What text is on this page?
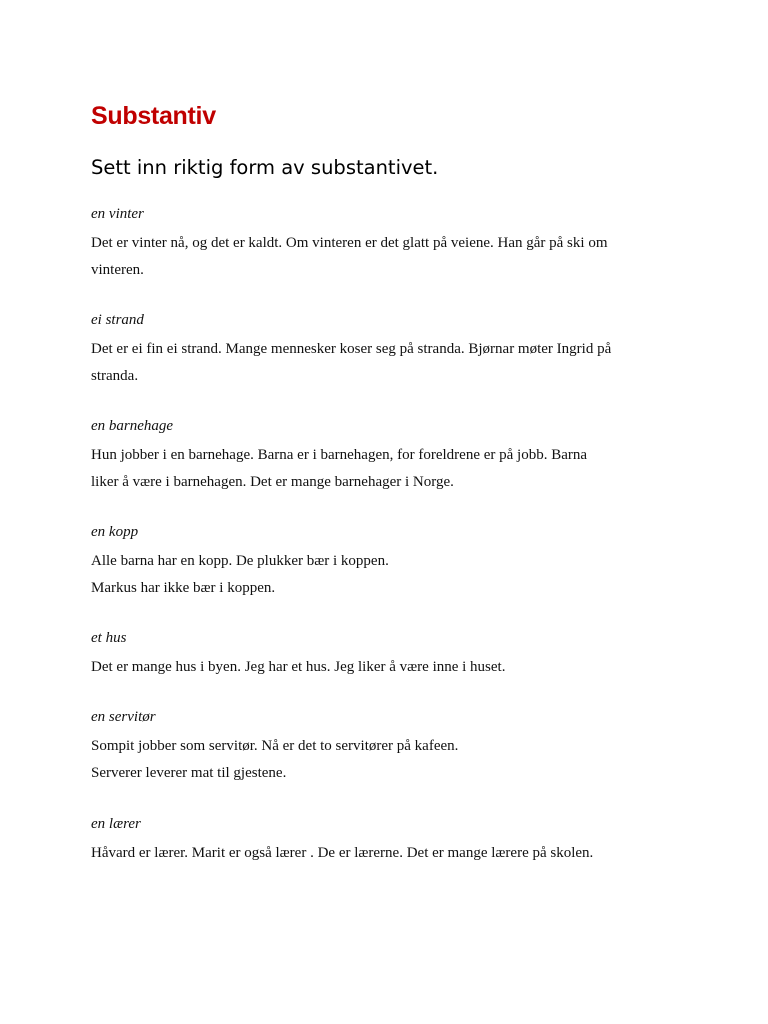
Substantiv
Sett inn riktig form av substantivet.
en vinter
Det er vinter nå, og det er kaldt. Om vinteren er det glatt på veiene. Han går på ski om
vinteren.
ei strand
Det er ei fin ei strand. Mange mennesker koser seg på stranda. Bjørnar møter Ingrid på
stranda.
en barnehage
Hun jobber i en barnehage. Barna er i barnehagen, for foreldrene er på jobb. Barna
liker å være i barnehagen. Det er mange barnehager i Norge.
en kopp
Alle barna har en kopp. De plukker bær i koppen.
Markus har ikke bær i koppen.
et hus
Det er mange hus i byen. Jeg har et hus. Jeg liker å være inne i huset.
en servitør
Sompit jobber som servitør. Nå er det to servitører på kafeen.
Serverer leverer mat til gjestene.
en lærer
Håvard er lærer. Marit er også lærer . De er lærerne. Det er mange lærere på skolen.
